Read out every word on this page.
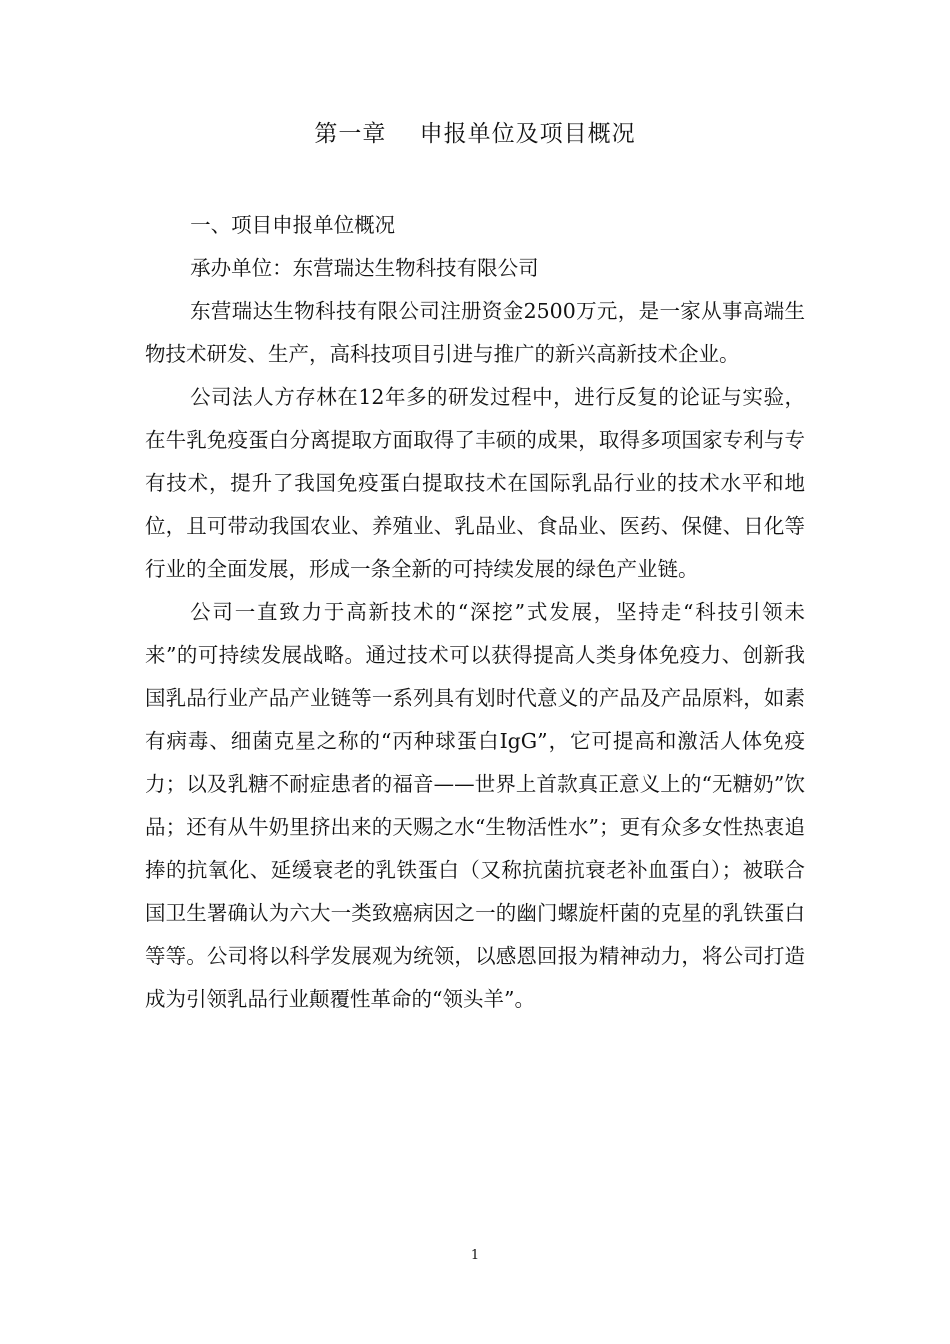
第一章    申报单位及项目概况

一、项目申报单位概况

承办单位：东营瑞达生物科技有限公司

东营瑞达生物科技有限公司注册资金2500万元，是一家从事高端生物技术研发、生产，高科技项目引进与推广的新兴高新技术企业。

公司法人方存林在12年多的研发过程中，进行反复的论证与实验，在牛乳免疫蛋白分离提取方面取得了丰硕的成果，取得多项国家专利与专有技术，提升了我国免疫蛋白提取技术在国际乳品行业的技术水平和地位，且可带动我国农业、养殖业、乳品业、食品业、医药、保健、日化等行业的全面发展，形成一条全新的可持续发展的绿色产业链。

公司一直致力于高新技术的“深挖”式发展，坚持走“科技引领未来”的可持续发展战略。通过技术可以获得提高人类身体免疫力、创新我国乳品行业产品产业链等一系列具有划时代意义的产品及产品原料，如素有病毒、细菌克星之称的“丙种球蛋白IgG”，它可提高和激活人体免疫力；以及乳糖不耐症患者的福音——世界上首款真正意义上的“无糖奶”饮品；还有从牛奶里挤出来的天赐之水“生物活性水”；更有众多女性热衷追捧的抗氧化、延缓衰老的乳铁蛋白（又称抗菌抗衰老补血蛋白）；被联合国卫生署确认为六大一类致癌病因之一的幽门螺旋杆菌的克星的乳铁蛋白等等。公司将以科学发展观为统领，以感恩回报为精神动力，将公司打造成为引领乳品行业颠覆性革命的“领头羊”。

1
